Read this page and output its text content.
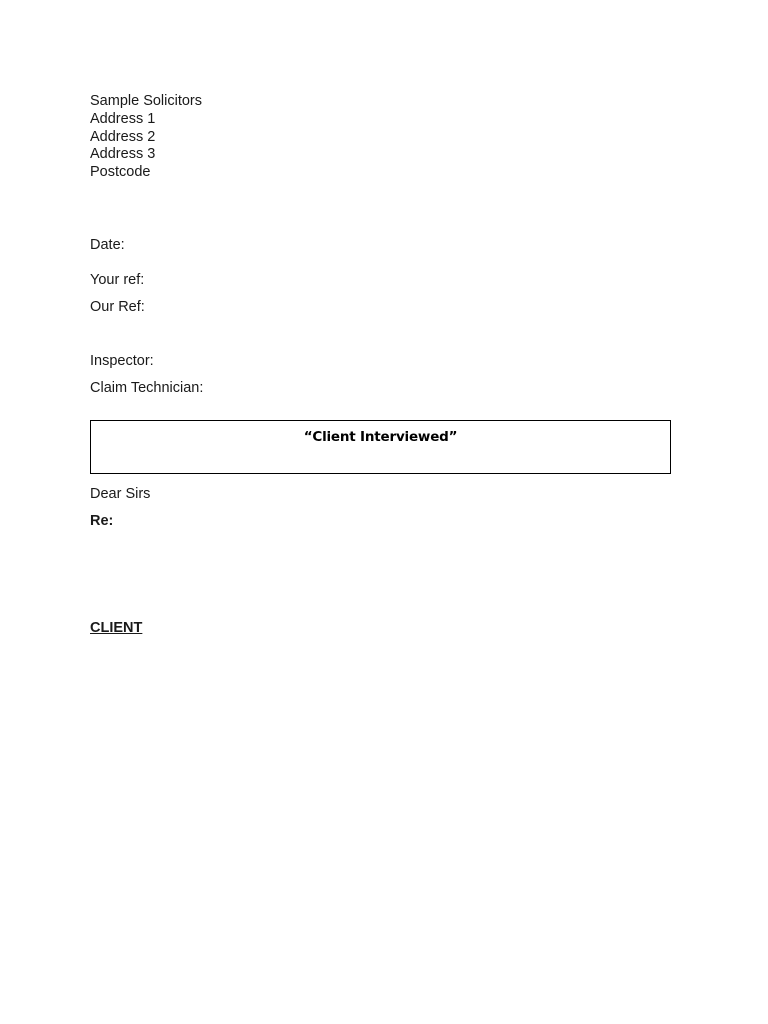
Sample Solicitors
Address 1
Address 2
Address 3
Postcode
Date:
Your ref:
Our Ref:
Inspector:
Claim Technician:
“Client Interviewed”
Dear Sirs
Re:
CLIENT
